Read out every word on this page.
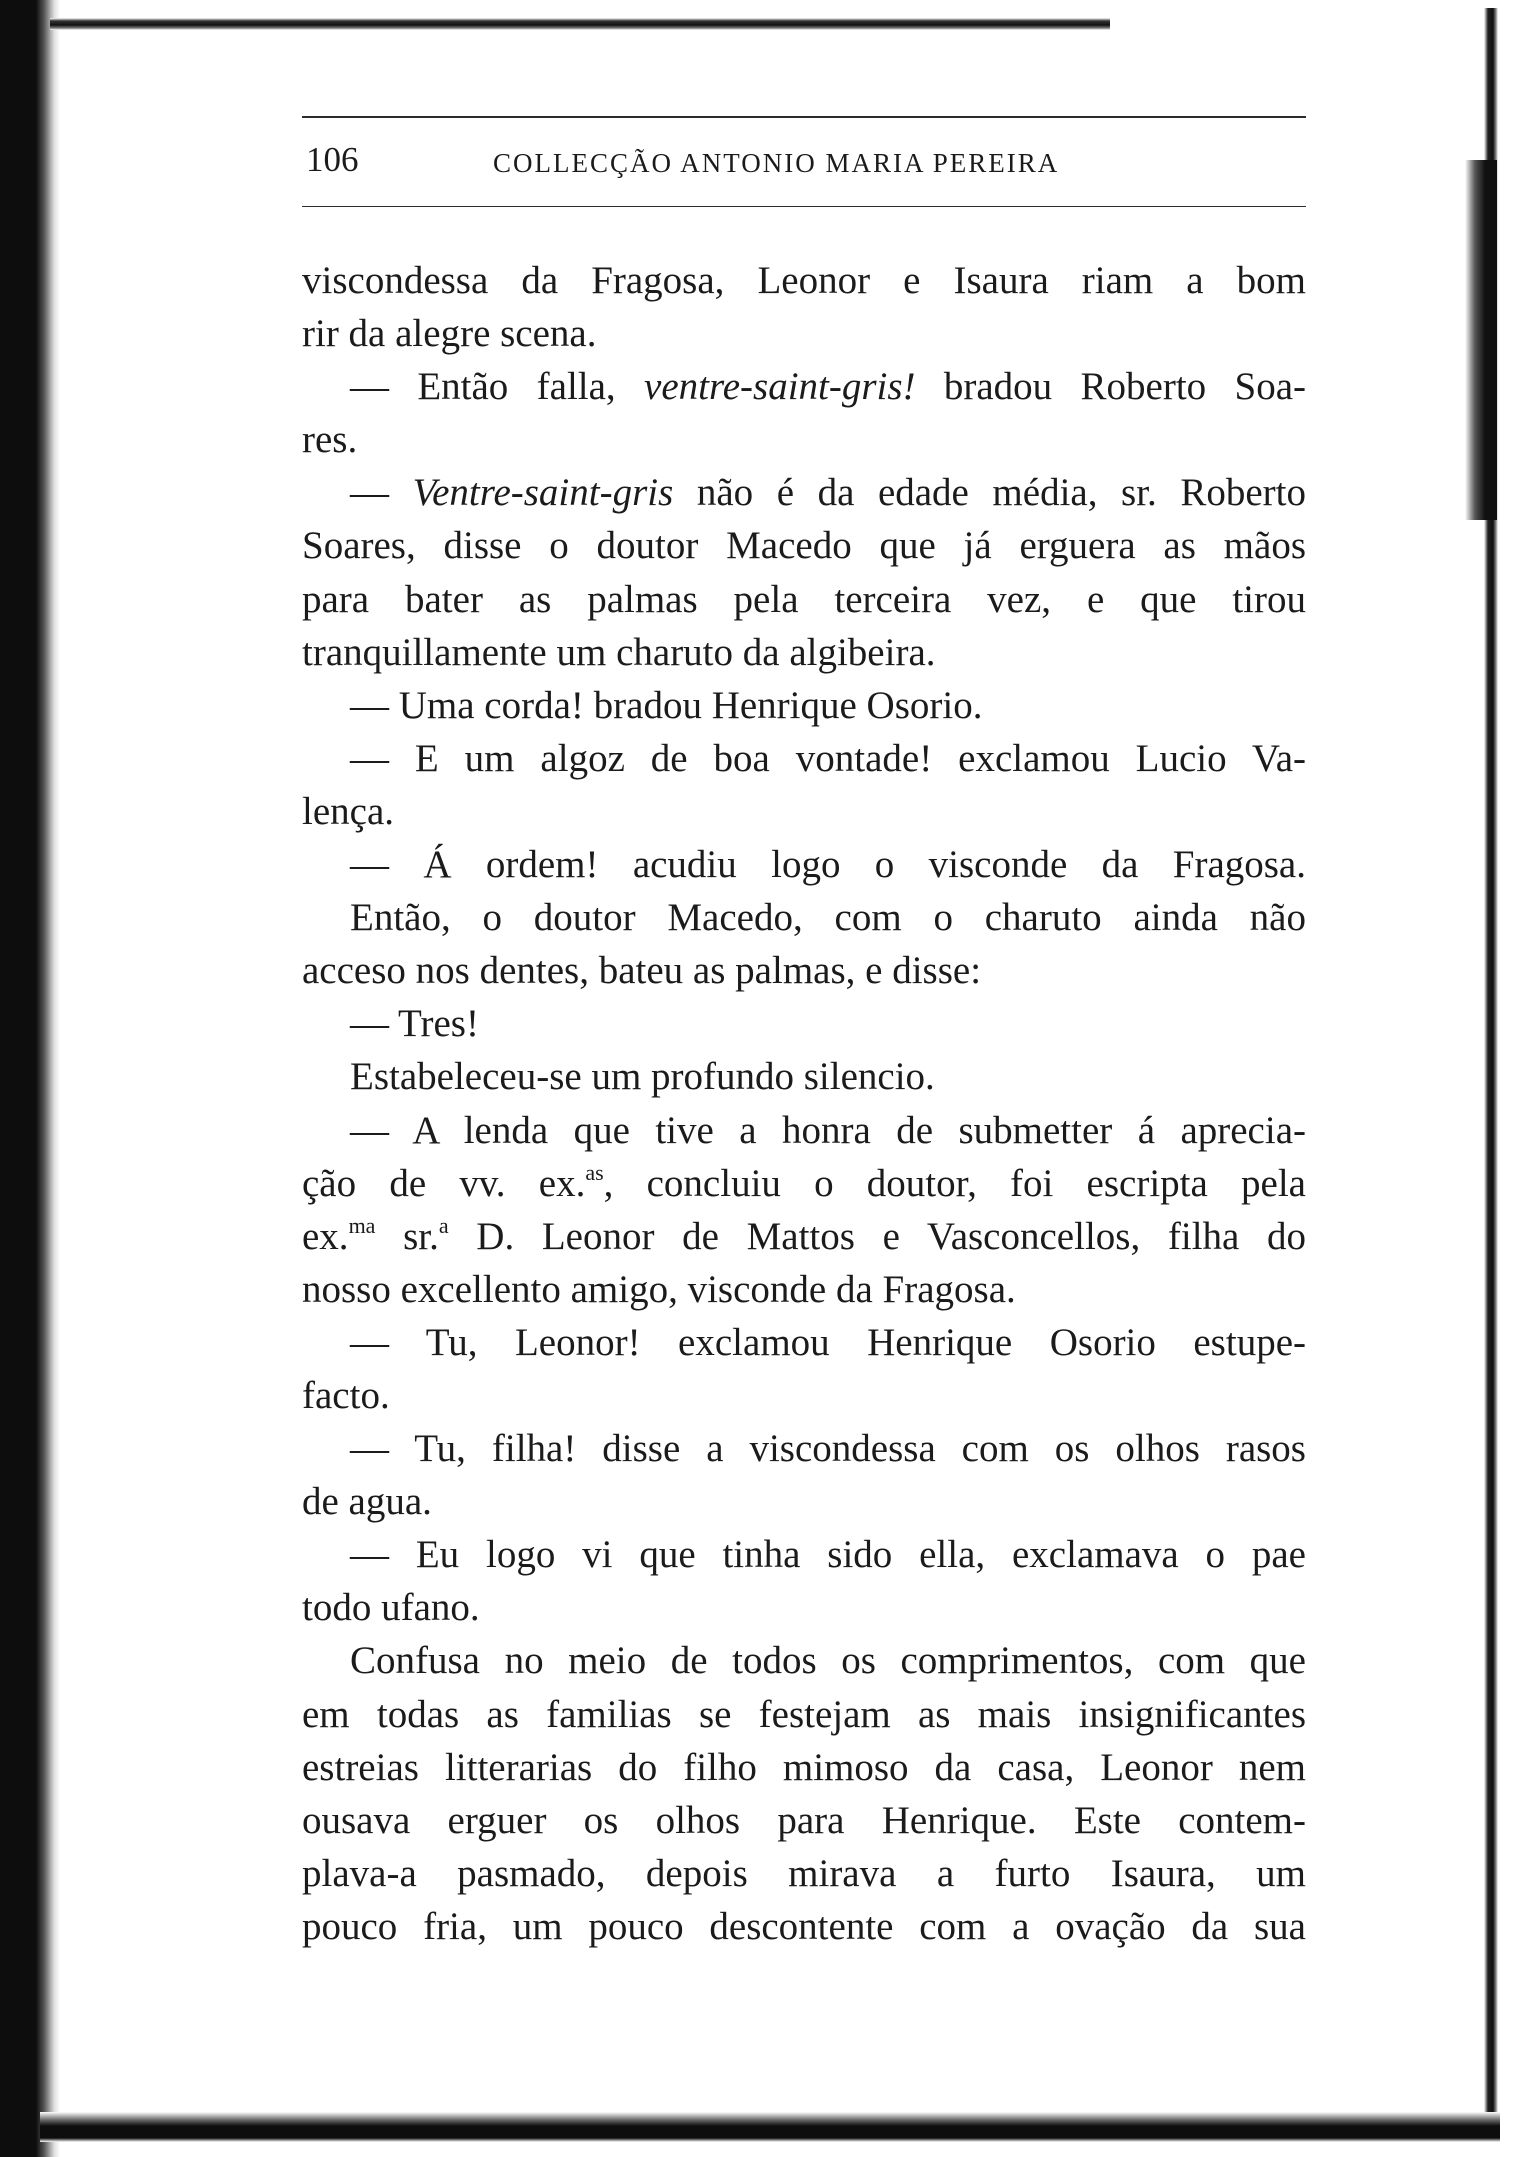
106	COLLECÇÃO ANTONIO MARIA PEREIRA
viscondessa da Fragosa, Leonor e Isaura riam a bom
rir da alegre scena.
— Então falla, ventre-saint-gris! bradou Roberto Soa-
res.
— Ventre-saint-gris não é da edade média, sr. Roberto
Soares, disse o doutor Macedo que já erguera as mãos
para bater as palmas pela terceira vez, e que tirou
tranquillamente um charuto da algibeira.
— Uma corda! bradou Henrique Osorio.
— E um algoz de boa vontade! exclamou Lucio Va-
lença.
— Á ordem! acudiu logo o visconde da Fragosa.
Então, o doutor Macedo, com o charuto ainda não
acceso nos dentes, bateu as palmas, e disse:
— Tres!
Estabeleceu-se um profundo silencio.
— A lenda que tive a honra de submetter á aprecia-
ção de vv. ex.$^{as}$, concluiu o doutor, foi escripta pela
ex.$^{ma}$ sr.$^a$ D. Leonor de Mattos e Vasconcellos, filha do
nosso excellento amigo, visconde da Fragosa.
— Tu, Leonor! exclamou Henrique Osorio estupe-
facto.
— Tu, filha! disse a viscondessa com os olhos rasos
de agua.
— Eu logo vi que tinha sido ella, exclamava o pae
todo ufano.
Confusa no meio de todos os comprimentos, com que
em todas as familias se festejam as mais insignificantes
estreias litterarias do filho mimoso da casa, Leonor nem
ousava erguer os olhos para Henrique. Este contem-
plava-a pasmado, depois mirava a furto Isaura, um
pouco fria, um pouco descontente com a ovação da sua
